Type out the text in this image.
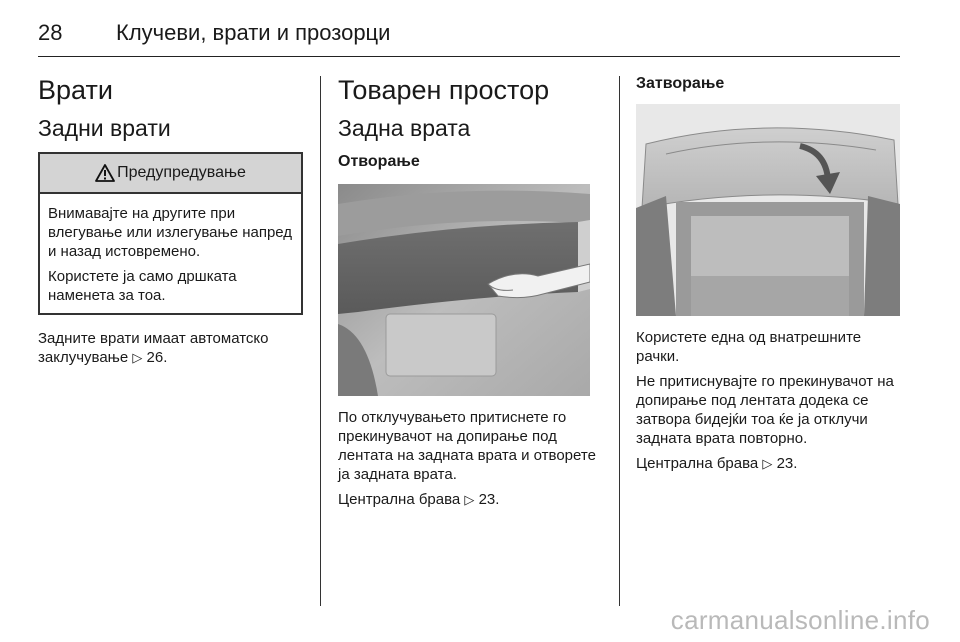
28 Клучеви, врати и прозорци
Врати
Задни врати
Предупредување

Внимавајте на другите при влегување или излегување напред и назад истовремено.

Користете ја само дршката наменета за тоа.

Задните врати имаат автоматско заклучување ▷ 26.

Товарен простор
Задна врата
Отворање

По отклучувањето притиснете го прекинувачот на допирање под лентата на задната врата и отворете ја задната врата.

Централна брава ▷ 23.

Затворање

Користете една од внатрешните рачки.

Не притиснувајте го прекинувачот на допирање под лентата додека се затвора бидејќи тоа ќе ја отклучи задната врата повторно.

Централна брава ▷ 23.

carmanualsonline.info
